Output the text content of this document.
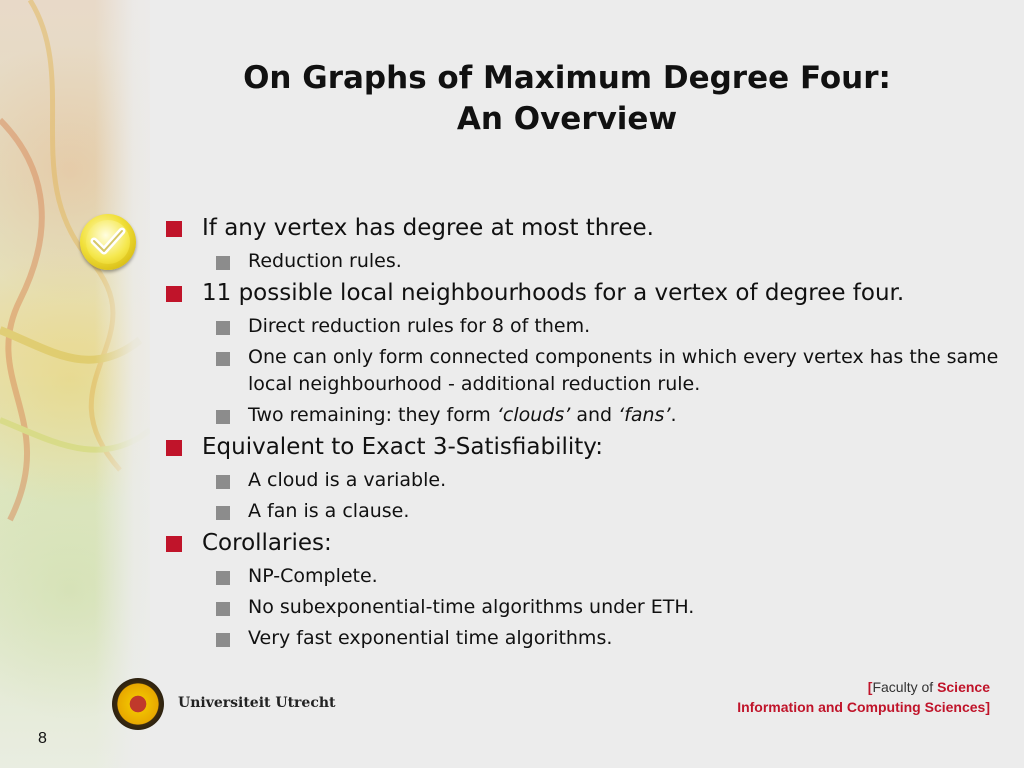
On Graphs of Maximum Degree Four:
An Overview
If any vertex has degree at most three.
Reduction rules.
11 possible local neighbourhoods for a vertex of degree four.
Direct reduction rules for 8 of them.
One can only form connected components in which every vertex has the same local neighbourhood - additional reduction rule.
Two remaining: they form ‘clouds’ and ‘fans’.
Equivalent to Exact 3-Satisfiability:
A cloud is a variable.
A fan is a clause.
Corollaries:
NP-Complete.
No subexponential-time algorithms under ETH.
Very fast exponential time algorithms.
Universiteit Utrecht
[Faculty of Science
Information and Computing Sciences]
8
